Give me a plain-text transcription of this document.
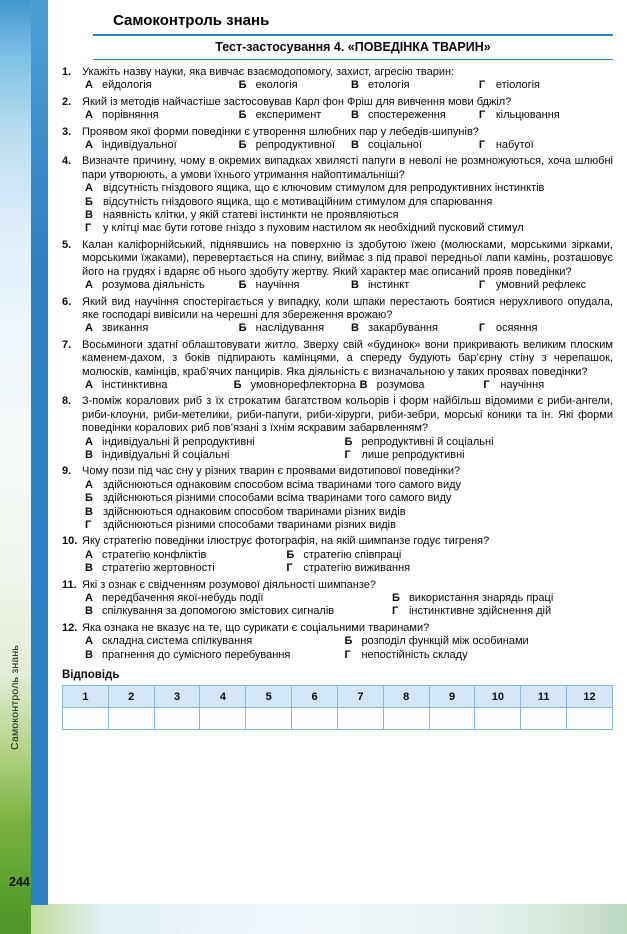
Самоконтроль знань
244
Самоконтроль знань
Тест-застосування 4. «ПОВЕДІНКА ТВАРИН»
1. Укажіть назву науки, яка вивчає взаємодопомогу, захист, агресію тварин:
А ейдологія	Б екологія	В етологія	Г етіологія
2. Який із методів найчастіше застосовував Карл фон Фріш для вивчення мови бджіл?
А порівняння	Б експеримент	В спостереження	Г кільцювання
3. Проявом якої форми поведінки є утворення шлюбних пар у лебедів-шипунів?
А індивідуальної	Б репродуктивної	В соціальної	Г набутої
4. Визначте причину, чому в окремих випадках хвилясті папуги в неволі не розмножуються, хоча шлюбні пари утворюють, а умови їхнього утримання найоптимальніші?
А відсутність гніздового ящика, що є ключовим стимулом для репродуктивних інстинктів
Б відсутність гніздового ящика, що є мотиваційним стимулом для спарювання
В наявність клітки, у якій статеві інстинкти не проявляються
Г у клітці має бути готове гніздо з пуховим настилом як необхідний пусковий стимул
5. Калан каліфорнійський, піднявшись на поверхню із здобутою їжею (молюсками, морськими зірками, морськими їжаками), перевертається на спину, виймає з під правої передньої лапи камінь, розташовує його на грудях і вдаряє об нього здобуту жертву. Який характер має описаний прояв поведінки?
А розумова діяльність	Б научіння	В інстинкт	Г умовний рефлекс
6. Який вид научіння спостерігається у випадку, коли шпаки перестають боятися нерухливого опудала, яке господарі вивісили на черешні для збереження врожаю?
А звикання	Б наслідування	В закарбування	Г осяяння
7. Восьминоги здатні облаштовувати житло. Зверху свій «будинок» вони прикривають великим плоским каменем-дахом, з боків підпирають камінцями, а спереду будують бар’єрну стіну з черепашок, молюсків, камінців, краб’ячих панцирів. Яка діяльність є визначальною у таких проявах поведінки?
А інстинктивна	Б умовнорефлекторна В розумова	Г научіння
8. З-поміж коралових риб з їх строкатим багатством кольорів і форм найбільш відомими є риби-ангели, риби-клоуни, риби-метелики, риби-папуги, риби-хірурги, риби-зебри, морські коники та ін. Які форми поведінки коралових риб пов’язані з їхнім яскравим забарвленням?
А індивідуальні й репродуктивні	Б репродуктивні й соціальні
В індивідуальні й соціальні	Г лише репродуктивні
9. Чому пози під час сну у різних тварин є проявами видотипової поведінки?
А здійснюються однаковим способом всіма тваринами того самого виду
Б здійснюються різними способами всіма тваринами того самого виду
В здійснюються однаковим способом тваринами різних видів
Г здійснюються різними способами тваринами різних видів
10. Яку стратегію поведінки ілюструє фотографія, на якій шимпанзе годує тигреня?
А стратегію конфліктів	Б стратегію співпраці
В стратегію жертовності	Г стратегію виживання
11. Які з ознак є свідченням розумової діяльності шимпанзе?
А передбачення якої-небудь події	Б використання знарядь праці
В спілкування за допомогою змістових сигналів	Г інстинктивне здійснення дій
12. Яка ознака не вказує на те, що сурикати є соціальними тваринами?
А складна система спілкування	Б розподіл функцій між особинами
В прагнення до сумісного перебування	Г непостійність складу
Відповідь
1	2	3	4	5	6	7	8	9	10	11	12
